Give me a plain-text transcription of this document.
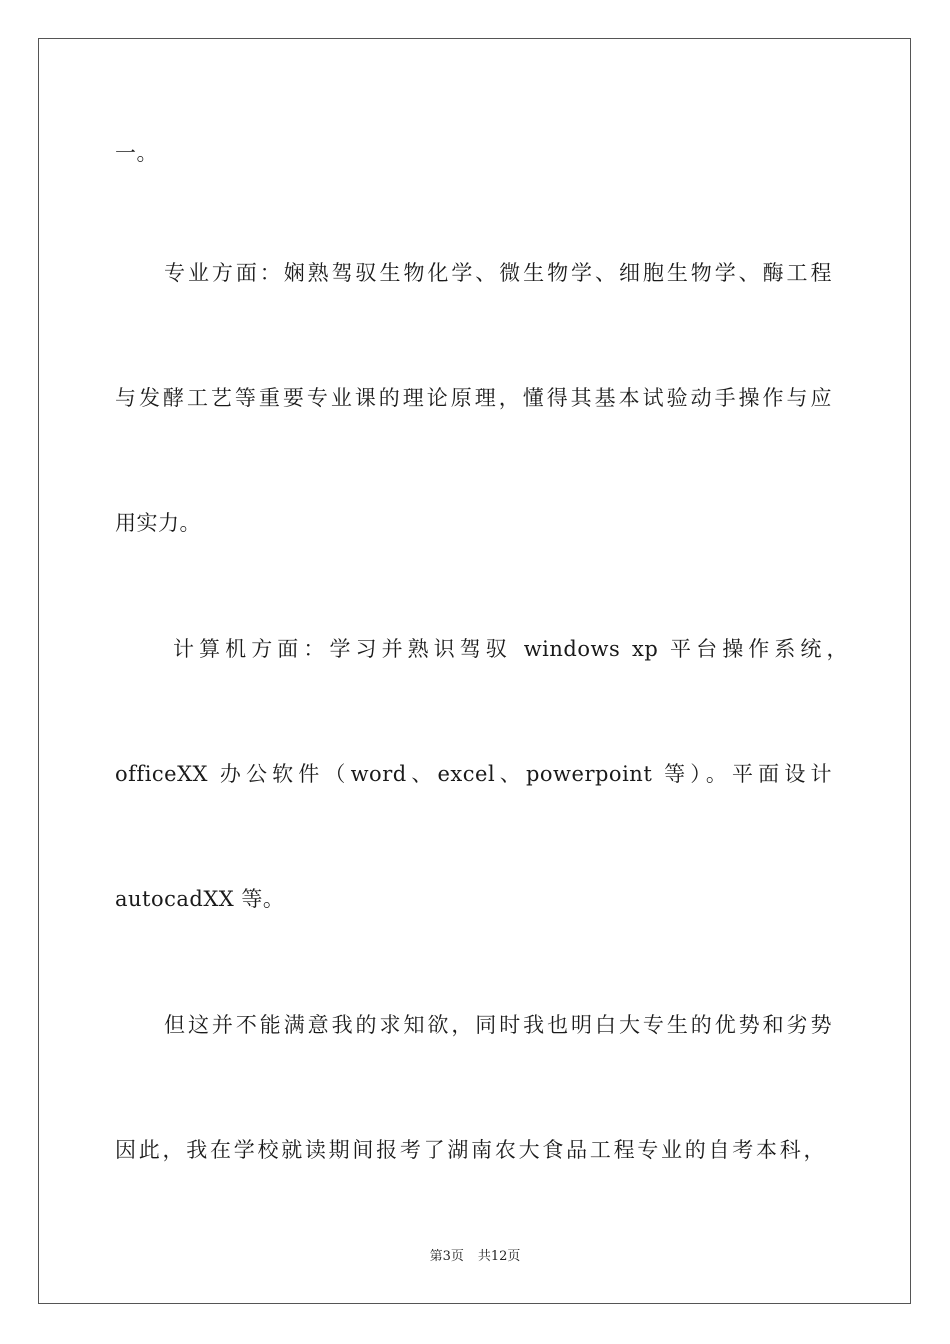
一。
专业方面：娴熟驾驭生物化学、微生物学、细胞生物学、酶工程
与发酵工艺等重要专业课的理论原理，懂得其基本试验动手操作与应
用实力。
计算机方面：学习并熟识驾驭 windows xp 平台操作系统，
officeXX 办公软件（word、excel、powerpoint 等）。平面设计
autocadXX 等。
但这并不能满意我的求知欲，同时我也明白大专生的优势和劣势
因此，我在学校就读期间报考了湖南农大食品工程专业的自考本科，
第3页 共12页
